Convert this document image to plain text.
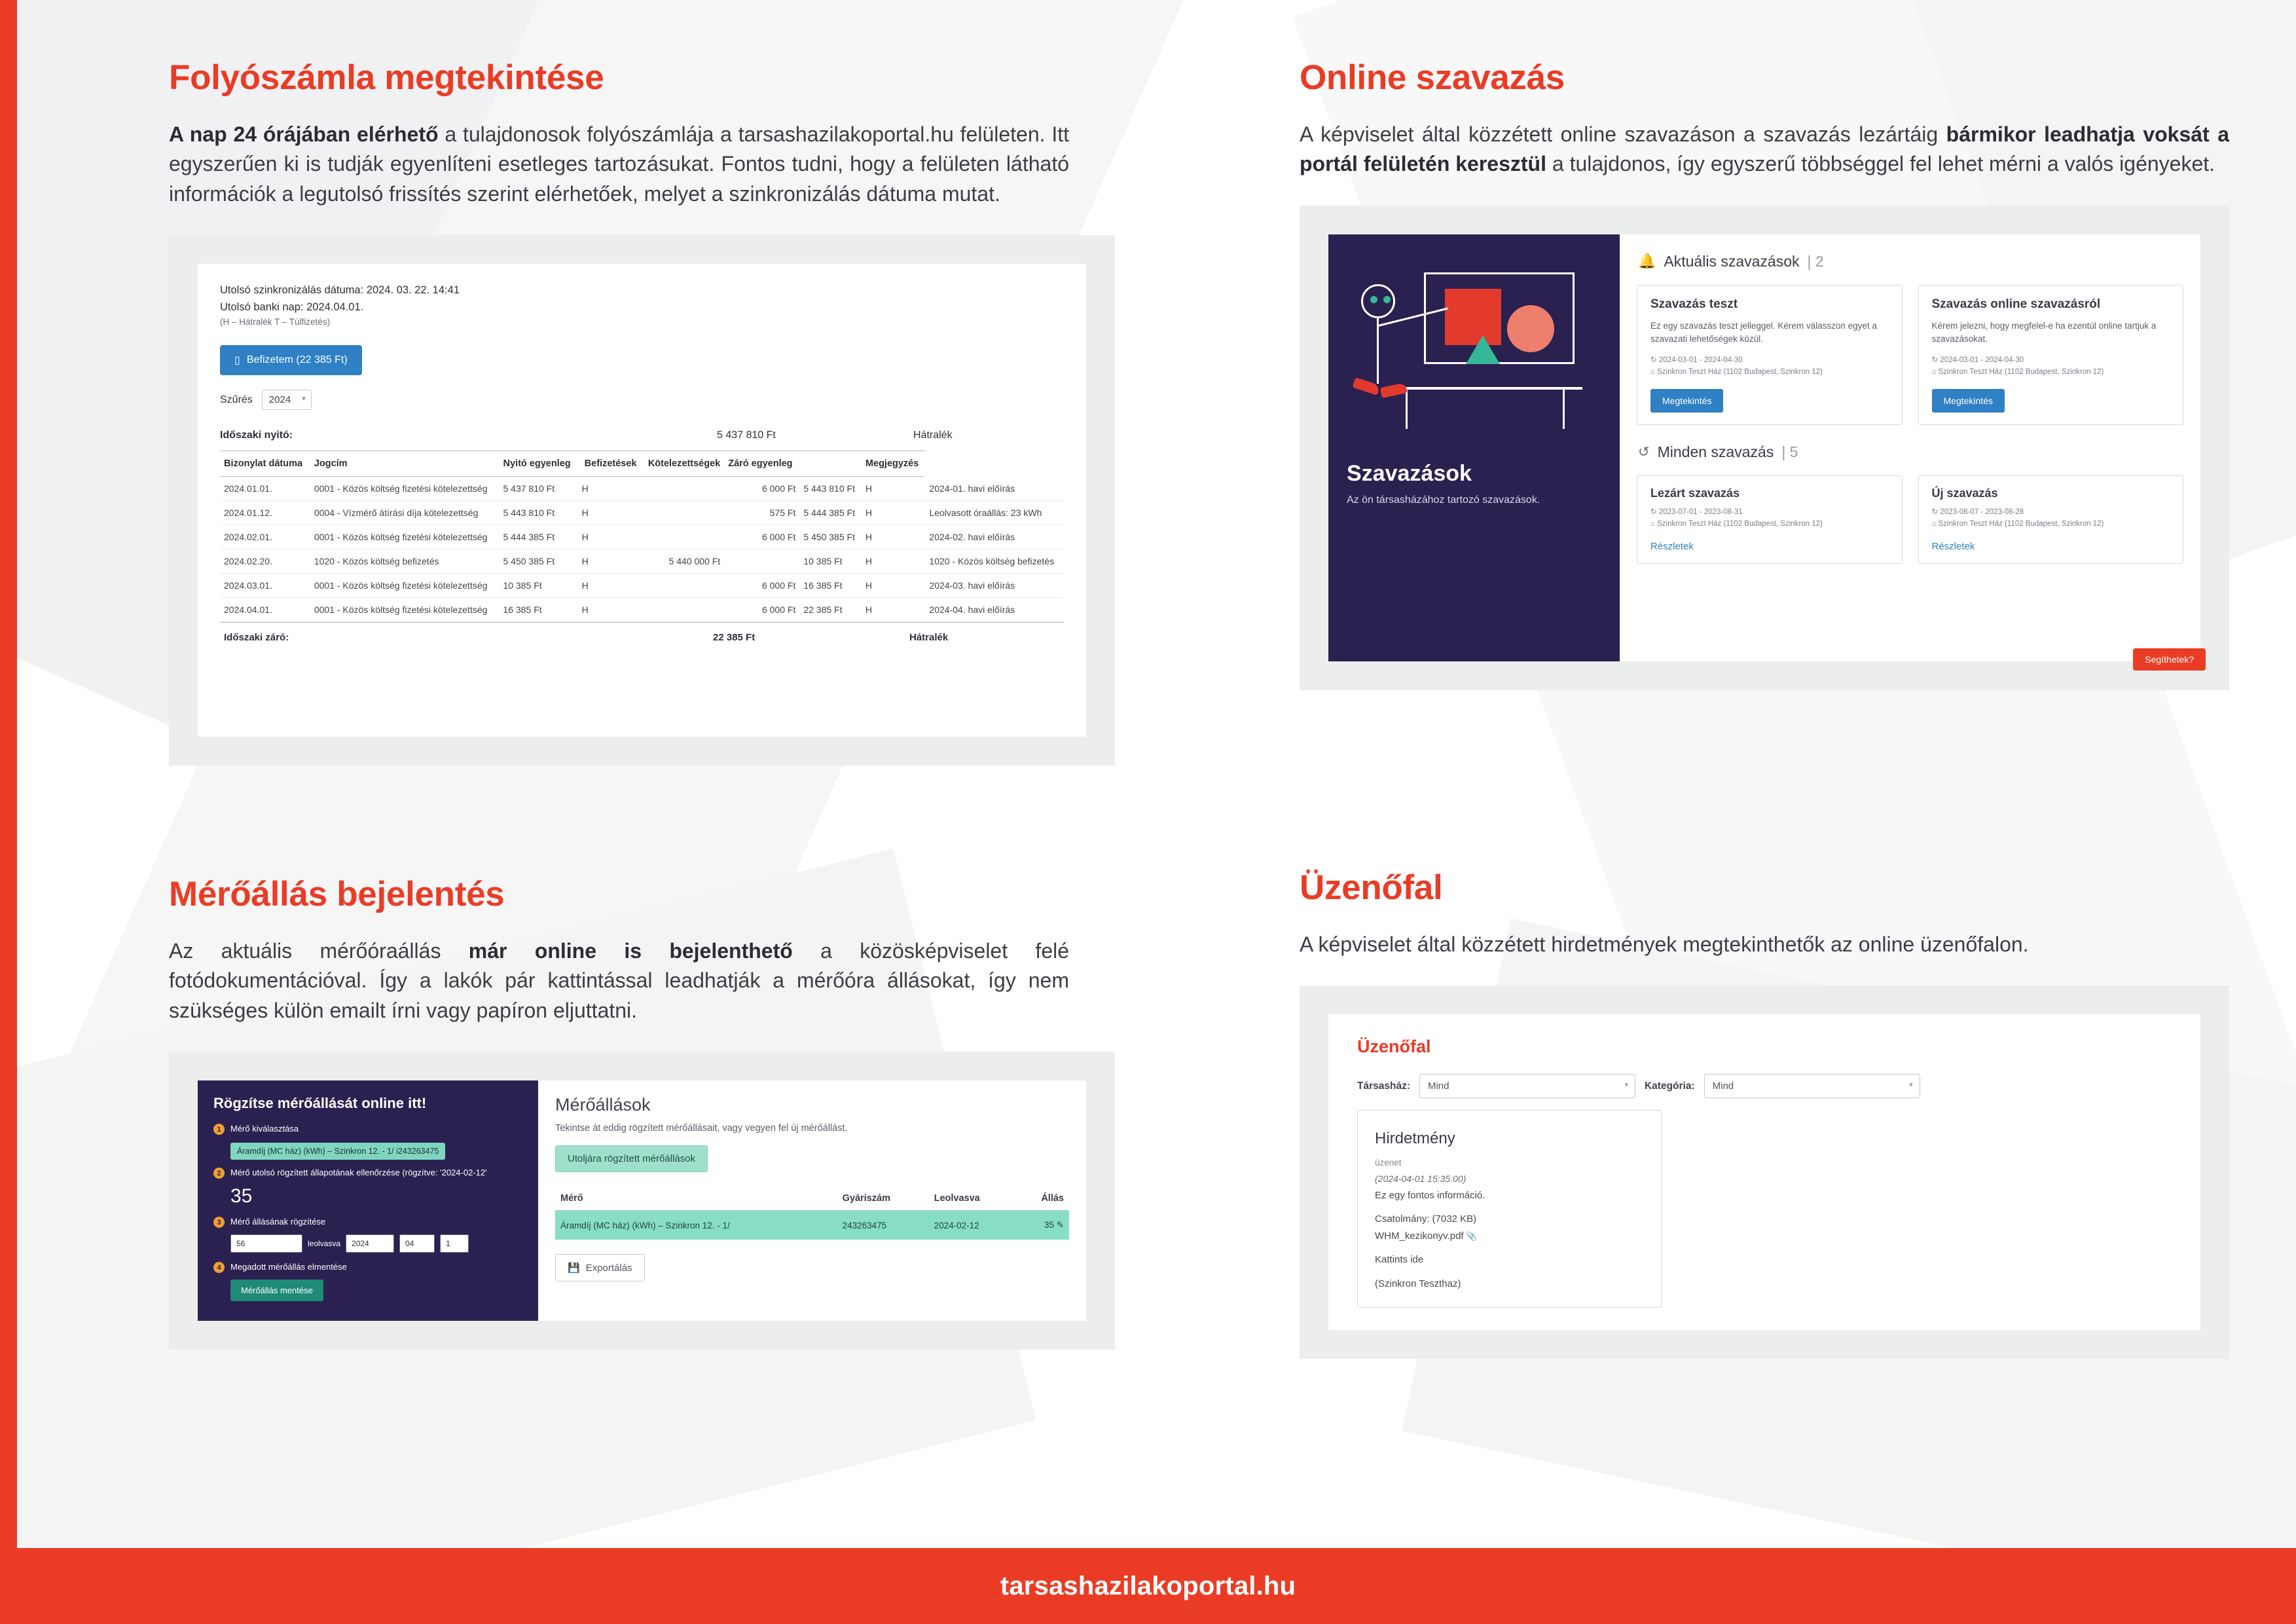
Folyószámla megtekintése

A nap 24 órájában elérhető a tulajdonosok folyószámlája a tarsashazilakoportal.hu felületen. Itt egyszerűen ki is tudják egyenlíteni esetleges tartozásukat. Fontos tudni, hogy a felületen látható információk a legutolsó frissítés szerint elérhetőek, melyet a szinkronizálás dátuma mutat.

Utolsó szinkronizálás dátuma: 2024. 03. 22. 14:41
Utolsó banki nap: 2024.04.01.
(H – Hátralék T – Túlfizetés)
▯ Befizetem (22 385 Ft)
Szűrés	2024 ▾
Időszaki nyitó:	5 437 810 Ft	Hátralék
Bizonylat dátuma	Jogcím	Nyitó egyenleg	Befizetések	Kötelezettségek	Záró egyenleg		Megjegyzés	
2024.01.01.	0001 - Közös költség fizetési kötelezettség	5 437 810 Ft	H		6 000 Ft	5 443 810 Ft	H	2024-01. havi előírás
2024.01.12.	0004 - Vízmérő átírási díja kötelezettség	5 443 810 Ft	H		575 Ft	5 444 385 Ft	H	Leolvasott óraállás: 23 kWh
2024.02.01.	0001 - Közös költség fizetési kötelezettség	5 444 385 Ft	H		6 000 Ft	5 450 385 Ft	H	2024-02. havi előírás
2024.02.20.	1020 - Közös költség befizetés	5 450 385 Ft	H	5 440 000 Ft		10 385 Ft	H	1020 - Közös költség befizetés
2024.03.01.	0001 - Közös költség fizetési kötelezettség	10 385 Ft	H		6 000 Ft	16 385 Ft	H	2024-03. havi előírás
2024.04.01.	0001 - Közös költség fizetési kötelezettség	16 385 Ft	H		6 000 Ft	22 385 Ft	H	2024-04. havi előírás
Időszaki záró:	22 385 Ft	Hátralék
Online szavazás

A képviselet által közzétett online szavazáson a szavazás lezártáig bármikor leadhatja voksát a portál felületén keresztül a tulajdonos, így egyszerű többséggel fel lehet mérni a valós igényeket.

Szavazások

Az ön társasházához tartozó szavazások.

🔔 Aktuális szavazások | 2
Szavazás teszt

Ez egy szavazás teszt jelleggel. Kérem válasszon egyet a szavazati lehetőségek közül.

↻ 2024-03-01 - 2024-04-30
⌂ Szinkron Teszt Ház (1102 Budapest, Szinkron 12)
Megtekintés
Szavazás online szavazásról

Kérem jelezni, hogy megfelel-e ha ezentúl online tartjuk a szavazásokat.

↻ 2024-03-01 - 2024-04-30
⌂ Szinkron Teszt Ház (1102 Budapest, Szinkron 12)
Megtekintés
↺ Minden szavazás | 5
Lezárt szavazás
↻ 2023-07-01 - 2023-08-31
⌂ Szinkron Teszt Ház (1102 Budapest, Szinkron 12)
Részletek
Új szavazás
↻ 2023-08-07 - 2023-08-28
⌂ Szinkron Teszt Ház (1102 Budapest, Szinkron 12)
Részletek
Segíthetek?
Mérőállás bejelentés

Az aktuális mérőóraállás már online is bejelenthető a közösképviselet felé fotódokumentációval. Így a lakók pár kattintással leadhatják a mérőóra állásokat, így nem szükséges külön emailt írni vagy papíron eljuttatni.

Rögzítse mérőállását online itt!
1	Mérő kiválasztása
Áramdíj (MC ház) (kWh) – Szinkron 12. - 1/ i243263475
2	Mérő utolsó rögzített állapotának ellenőrzése (rögzítve: '2024-02-12'
35
3	Mérő állásának rögzítése
56	leolvasva	2024	04	1
4	Megadott mérőállás elmentése
Mérőállás mentése
Mérőállások

Tekintse át eddig rögzített mérőállásait, vagy vegyen fel új mérőállást.

Utoljára rögzített mérőállások
Mérő	Gyáriszám	Leolvasva	Állás
Áramdíj (MC ház) (kWh) – Szinkron 12. - 1/	243263475	2024-02-12	35 ✎
💾 Exportálás
Üzenőfal

A képviselet által közzétett hirdetmények megtekinthetők az online üzenőfalon.

Üzenőfal
Társasház:	Mind ▾	Kategória:	Mind ▾
Hirdetmény
üzenet
(2024-04-01 15:35:00)
Ez egy fontos információ.
Csatolmány: (7032 KB)
WHM_kezikonyv.pdf 📎
Kattints ide
(Szinkron Teszthaz)
tarsashazilakoportal.hu
